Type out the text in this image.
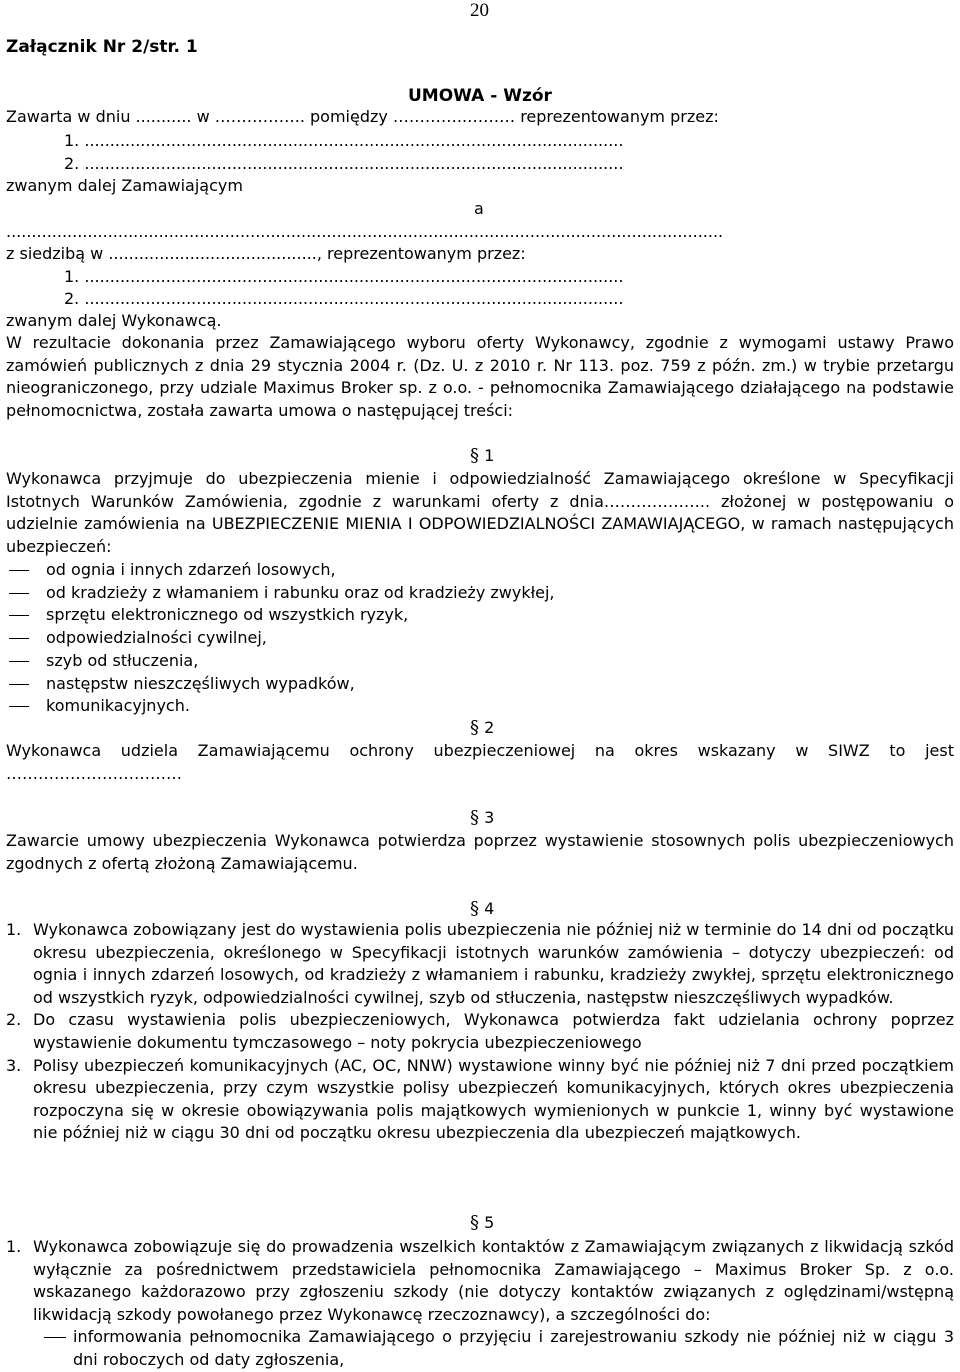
20
Załącznik Nr 2/str. 1
UMOWA - Wzór
Zawarta w dniu ........... w …………….. pomiędzy …………..……… reprezentowanym przez:
1. ..........................................................................................................
2. ..........................................................................................................
zwanym dalej Zamawiającym
a
.............................................................................................................................................
z siedzibą w ........................................., reprezentowanym przez:
1. ..........................................................................................................
2. ..........................................................................................................
zwanym dalej Wykonawcą.

W rezultacie dokonania przez Zamawiającego wyboru oferty Wykonawcy, zgodnie z wymogami ustawy Prawo zamówień publicznych z dnia 29 stycznia 2004 r. (Dz. U. z 2010 r. Nr 113. poz. 759 z późn. zm.) w trybie przetargu nieograniczonego, przy udziale Maximus Broker sp. z o.o. - pełnomocnika Zamawiającego działającego na podstawie pełnomocnictwa, została zawarta umowa o następującej treści:

§ 1

Wykonawca przyjmuje do ubezpieczenia mienie i odpowiedzialność Zamawiającego określone w Specyfikacji Istotnych Warunków Zamówienia, zgodnie z warunkami oferty z dnia……………….. złożonej w postępowaniu o udzielnie zamówienia na UBEZPIECZENIE MIENIA I ODPOWIEDZIALNOŚCI ZAMAWIAJĄCEGO, w ramach następujących ubezpieczeń:

od ognia i innych zdarzeń losowych,
od kradzieży z włamaniem i rabunku oraz od kradzieży zwykłej,
sprzętu elektronicznego od wszystkich ryzyk,
odpowiedzialności cywilnej,
szyb od stłuczenia,
następstw nieszczęśliwych wypadków,
komunikacyjnych.
§ 2

Wykonawca udziela Zamawiającemu ochrony ubezpieczeniowej na okres wskazany w SIWZ to jest ……………………………

§ 3

Zawarcie umowy ubezpieczenia Wykonawca potwierdza poprzez wystawienie stosownych polis ubezpieczeniowych zgodnych z ofertą złożoną Zamawiającemu.

§ 4
1. Wykonawca zobowiązany jest do wystawienia polis ubezpieczenia nie później niż w terminie do 14 dni od początku okresu ubezpieczenia, określonego w Specyfikacji istotnych warunków zamówienia – dotyczy ubezpieczeń: od ognia i innych zdarzeń losowych, od kradzieży z włamaniem i rabunku, kradzieży zwykłej, sprzętu elektronicznego od wszystkich ryzyk, odpowiedzialności cywilnej, szyb od stłuczenia, następstw nieszczęśliwych wypadków.
2. Do czasu wystawienia polis ubezpieczeniowych, Wykonawca potwierdza fakt udzielania ochrony poprzez wystawienie dokumentu tymczasowego – noty pokrycia ubezpieczeniowego
3. Polisy ubezpieczeń komunikacyjnych (AC, OC, NNW) wystawione winny być nie później niż 7 dni przed początkiem okresu ubezpieczenia, przy czym wszystkie polisy ubezpieczeń komunikacyjnych, których okres ubezpieczenia rozpoczyna się w okresie obowiązywania polis majątkowych wymienionych w punkcie 1, winny być wystawione nie później niż w ciągu 30 dni od początku okresu ubezpieczenia dla ubezpieczeń majątkowych.
§ 5
1. Wykonawca zobowiązuje się do prowadzenia wszelkich kontaktów z Zamawiającym związanych z likwidacją szkód wyłącznie za pośrednictwem przedstawiciela pełnomocnika Zamawiającego – Maximus Broker Sp. z o.o. wskazanego każdorazowo przy zgłoszeniu szkody (nie dotyczy kontaktów związanych z oględzinami/wstępną likwidacją szkody powołanego przez Wykonawcę rzeczoznawcy), a szczególności do:
informowania pełnomocnika Zamawiającego o przyjęciu i zarejestrowaniu szkody nie później niż w ciągu 3 dni roboczych od daty zgłoszenia,
